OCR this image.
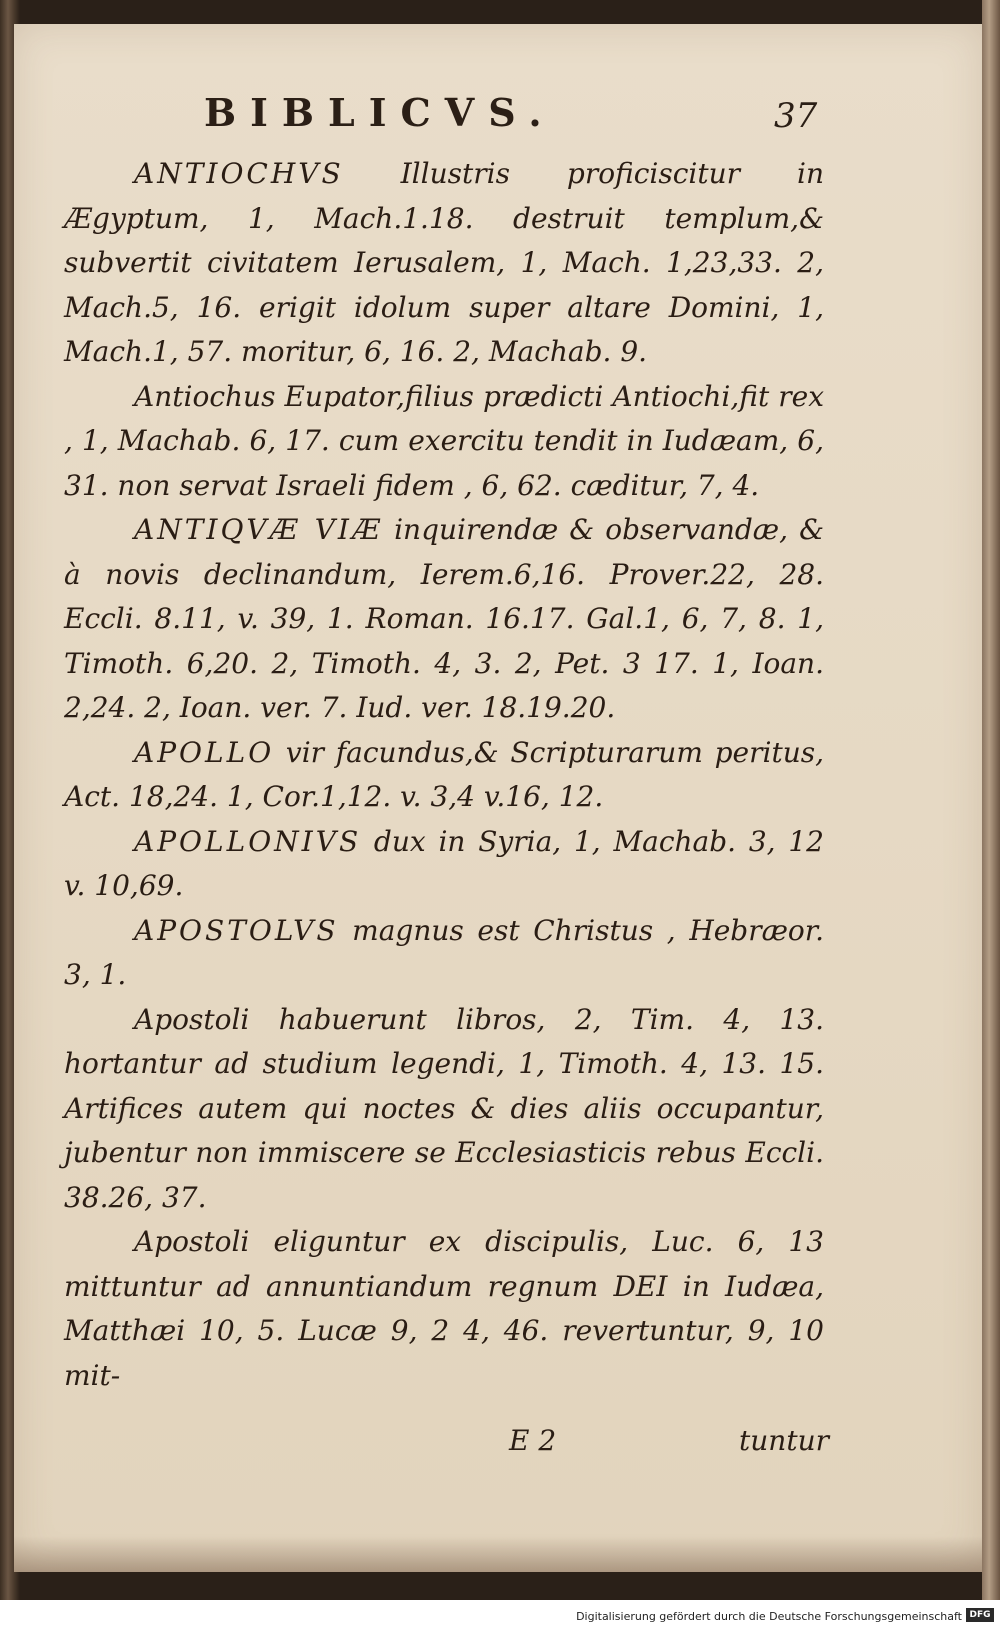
BIBLICVS.	37

ANTIOCHVS Illustris proficiscitur in Ægyptum, 1, Mach.1.18. destruit templum,& subvertit civitatem Ierusalem, 1, Mach. 1,23,33. 2, Mach.5, 16. erigit idolum super altare Domini, 1, Mach.1, 57. moritur, 6, 16. 2, Machab. 9.

Antiochus Eupator,filius prædicti Antiochi,fit rex , 1, Machab. 6, 17. cum exercitu tendit in Iudæam, 6, 31. non servat Israeli fidem , 6, 62. cæditur, 7, 4.

ANTIQVÆ VIÆ inquirendæ & observandæ, & à novis declinandum, Ierem.6,16. Prover.22, 28. Eccli. 8.11, v. 39, 1. Roman. 16.17. Gal.1, 6, 7, 8. 1, Timoth. 6,20. 2, Timoth. 4, 3. 2, Pet. 3 17. 1, Ioan. 2,24. 2, Ioan. ver. 7. Iud. ver. 18.19.20.

APOLLO vir facundus,& Scripturarum peritus, Act. 18,24. 1, Cor.1,12. v. 3,4 v.16, 12.

APOLLONIVS dux in Syria, 1, Machab. 3, 12 v. 10,69.

APOSTOLVS magnus est Christus , Hebræor. 3, 1.

Apostoli habuerunt libros, 2, Tim. 4, 13. hortantur ad studium legendi, 1, Timoth. 4, 13. 15. Artifices autem qui noctes & dies aliis occupantur, jubentur non immiscere se Ecclesiasticis rebus Eccli. 38.26, 37.

Apostoli eliguntur ex discipulis, Luc. 6, 13 mittuntur ad annuntiandum regnum DEI in Iudæa, Matthæi 10, 5. Lucæ 9, 2 4, 46. revertuntur, 9, 10 mit-

E 2	tuntur
Digitalisierung gefördert durch die Deutsche Forschungsgemeinschaft DFG
